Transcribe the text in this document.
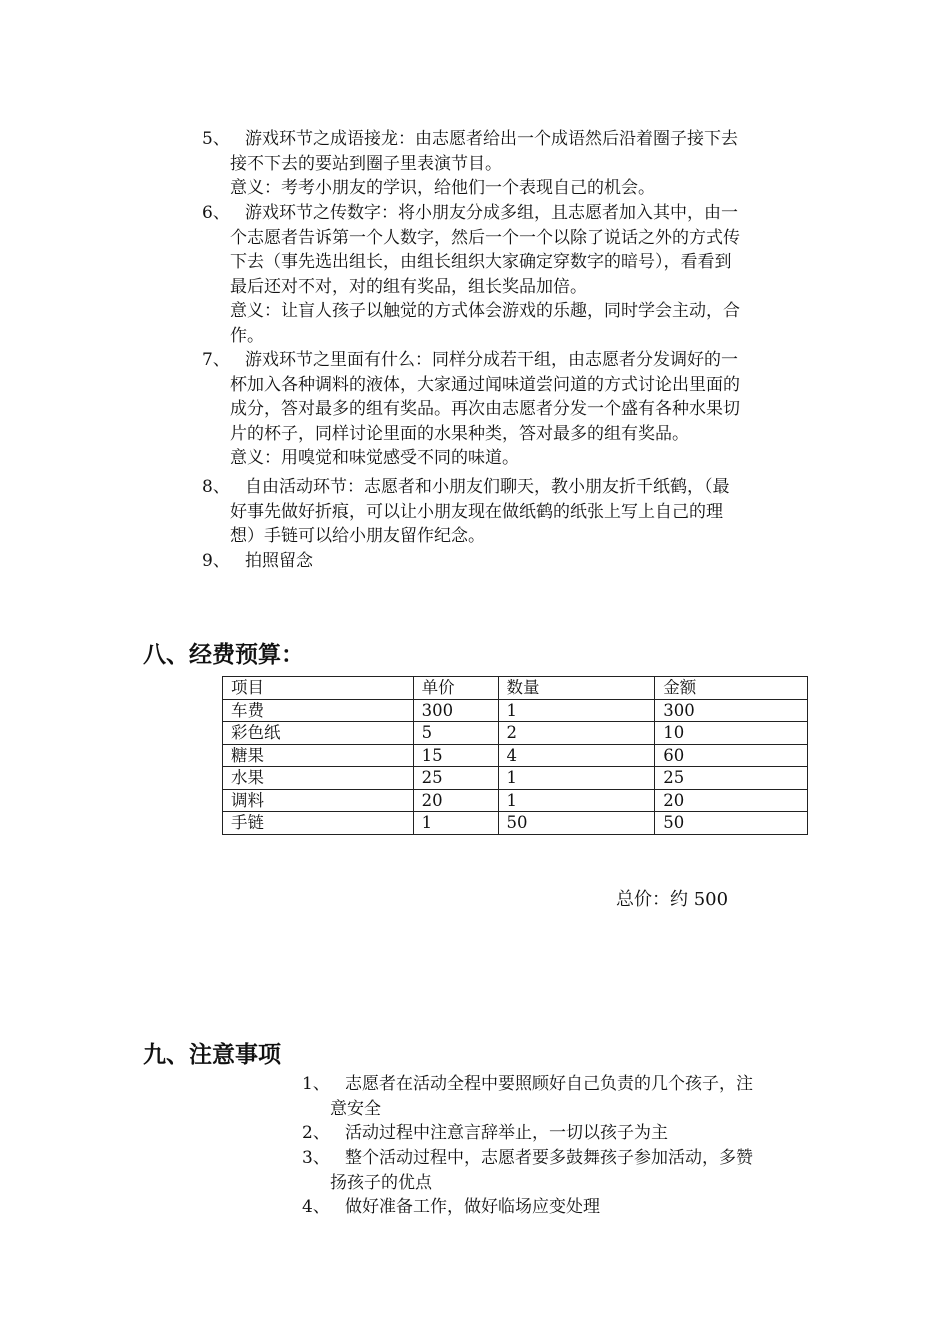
5、 游戏环节之成语接龙：由志愿者给出一个成语然后沿着圈子接下去
接不下去的要站到圈子里表演节目。
意义：考考小朋友的学识，给他们一个表现自己的机会。
6、 游戏环节之传数字：将小朋友分成多组，且志愿者加入其中，由一
个志愿者告诉第一个人数字，然后一个一个以除了说话之外的方式传
下去（事先选出组长，由组长组织大家确定穿数字的暗号），看看到
最后还对不对，对的组有奖品，组长奖品加倍。
意义：让盲人孩子以触觉的方式体会游戏的乐趣，同时学会主动，合
作。
7、 游戏环节之里面有什么：同样分成若干组，由志愿者分发调好的一
杯加入各种调料的液体，大家通过闻味道尝问道的方式讨论出里面的
成分，答对最多的组有奖品。再次由志愿者分发一个盛有各种水果切
片的杯子，同样讨论里面的水果种类，答对最多的组有奖品。
意义：用嗅觉和味觉感受不同的味道。
8、 自由活动环节：志愿者和小朋友们聊天，教小朋友折千纸鹤，（最
好事先做好折痕，可以让小朋友现在做纸鹤的纸张上写上自己的理
想）手链可以给小朋友留作纪念。
9、 拍照留念
八、经费预算：
项目	单价	数量	金额
车费	300	1	300
彩色纸	5	2	10
糖果	15	4	60
水果	25	1	25
调料	20	1	20
手链	1	50	50
总价：约 500
九、注意事项
1、 志愿者在活动全程中要照顾好自己负责的几个孩子，注
意安全
2、 活动过程中注意言辞举止，一切以孩子为主
3、 整个活动过程中，志愿者要多鼓舞孩子参加活动，多赞
扬孩子的优点
4、 做好准备工作，做好临场应变处理
